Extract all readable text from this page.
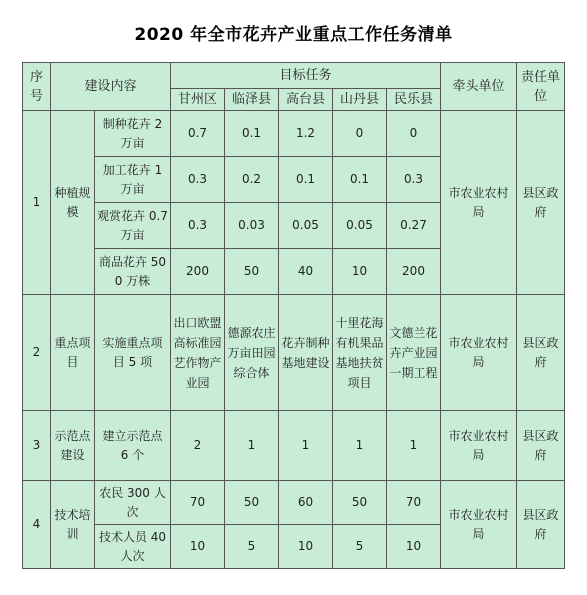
2020 年全市花卉产业重点工作任务清单
序号	建设内容		目标任务					牵头单位	责任单位
			甘州区	临泽县	高台县	山丹县	民乐县		
1	种植规模	制种花卉 2 万亩	0.7	0.1	1.2	0	0	市农业农村局	县区政府
		加工花卉 1 万亩	0.3	0.2	0.1	0.1	0.3		
		观赏花卉 0.7 万亩	0.3	0.03	0.05	0.05	0.27		
		商品花卉 500 万株	200	50	40	10	200		
2	重点项目	实施重点项目 5 项	出口欧盟高标准园艺作物产业园	德源农庄万亩田园综合体	花卉制种基地建设	十里花海有机果品基地扶贫项目	文德兰花卉产业园一期工程	市农业农村局	县区政府
3	示范点建设	建立示范点 6 个	2	1	1	1	1	市农业农村局	县区政府
4	技术培训	农民 300 人次	70	50	60	50	70	市农业农村局	县区政府
		技术人员 40 人次	10	5	10	5	10		
